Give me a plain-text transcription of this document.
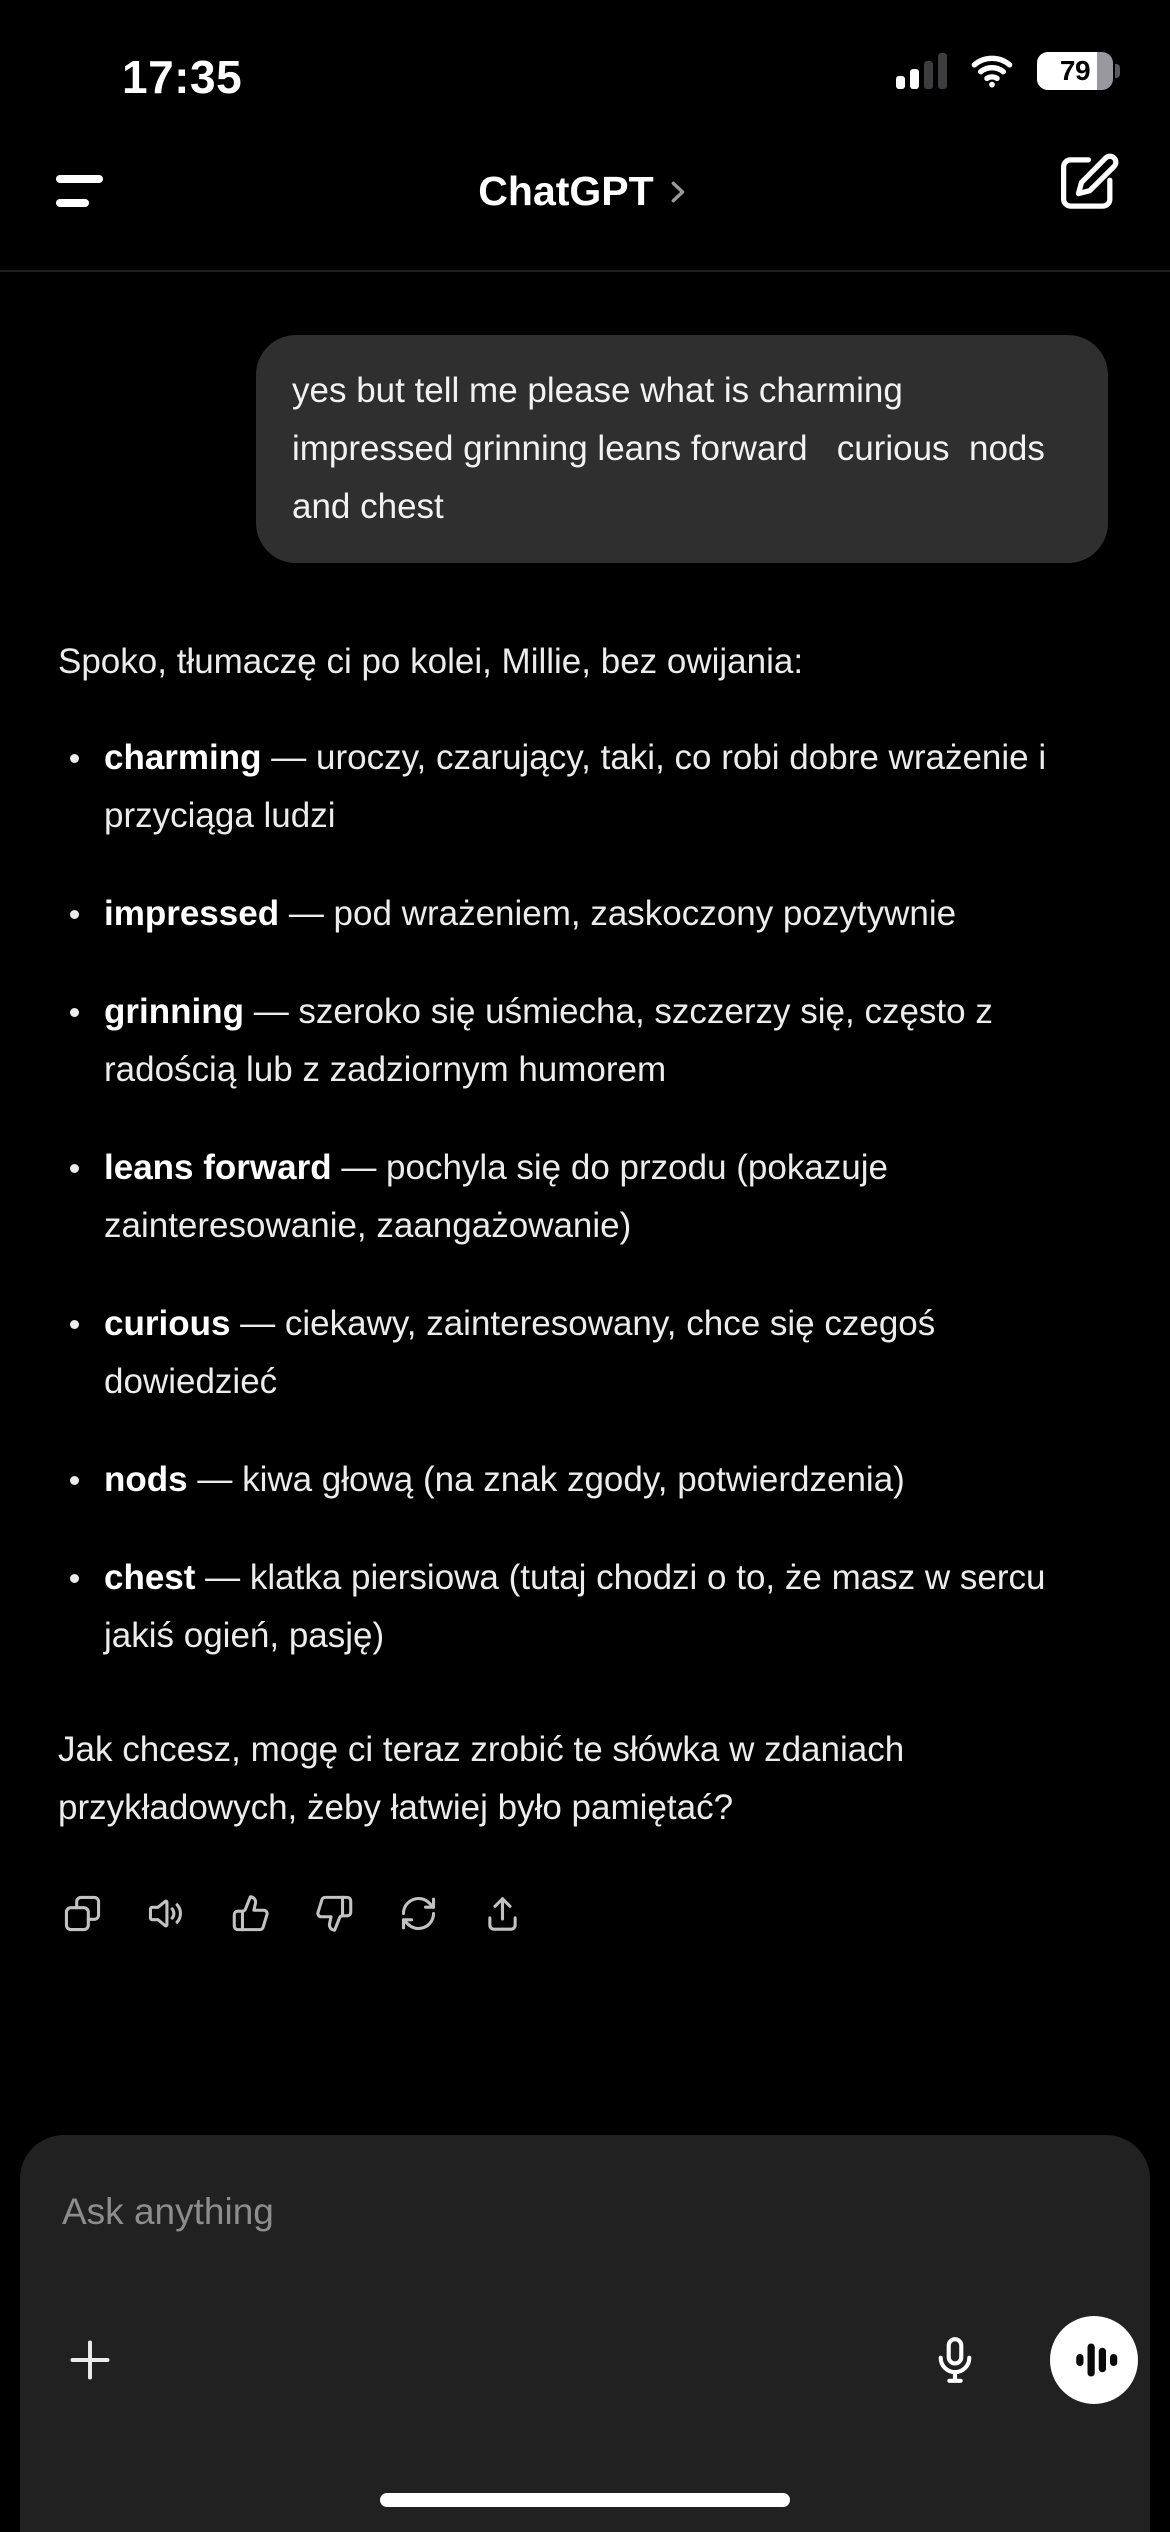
17:35	79
ChatGPT
yes but tell me please what is charming impressed grinning leans forward   curious  nods and chest

Spoko, tłumaczę ci po kolei, Millie, bez owijania:

charming — uroczy, czarujący, taki, co robi dobre wrażenie i przyciąga ludzi
impressed — pod wrażeniem, zaskoczony pozytywnie
grinning — szeroko się uśmiecha, szczerzy się, często z radością lub z zadziornym humorem
leans forward — pochyla się do przodu (pokazuje zainteresowanie, zaangażowanie)
curious — ciekawy, zainteresowany, chce się czegoś dowiedzieć
nods — kiwa głową (na znak zgody, potwierdzenia)
chest — klatka piersiowa (tutaj chodzi o to, że masz w sercu jakiś ogień, pasję)

Jak chcesz, mogę ci teraz zrobić te słówka w zdaniach przykładowych, żeby łatwiej było pamiętać?

Ask anything
